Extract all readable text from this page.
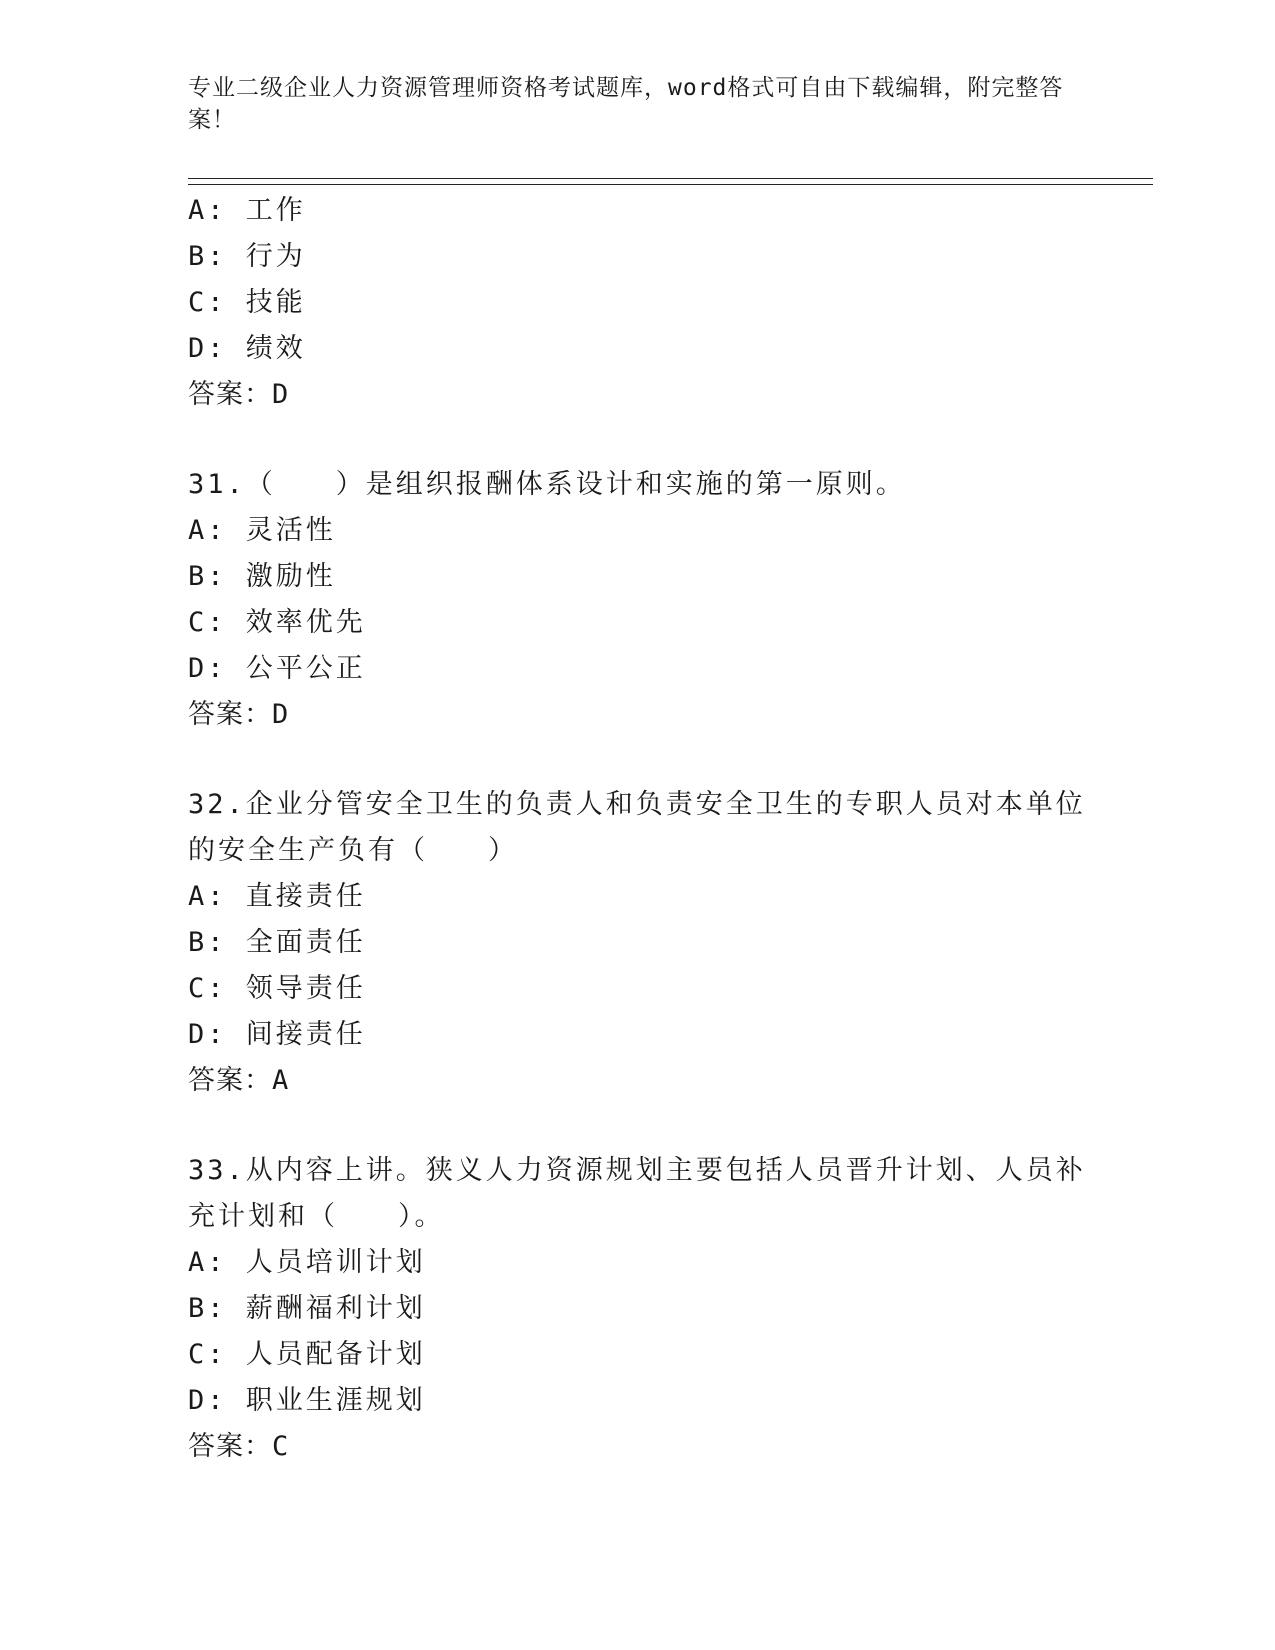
专业二级企业人力资源管理师资格考试题库，word格式可自由下载编辑，附完整答案！
A: 工作
B: 行为
C: 技能
D: 绩效
答案：D
31.（　　）是组织报酬体系设计和实施的第一原则。
A: 灵活性
B: 激励性
C: 效率优先
D: 公平公正
答案：D
32.企业分管安全卫生的负责人和负责安全卫生的专职人员对本单位的安全生产负有（　　）
A: 直接责任
B: 全面责任
C: 领导责任
D: 间接责任
答案：A
33.从内容上讲。狭义人力资源规划主要包括人员晋升计划、人员补充计划和（　　）。
A: 人员培训计划
B: 薪酬福利计划
C: 人员配备计划
D: 职业生涯规划
答案：C
